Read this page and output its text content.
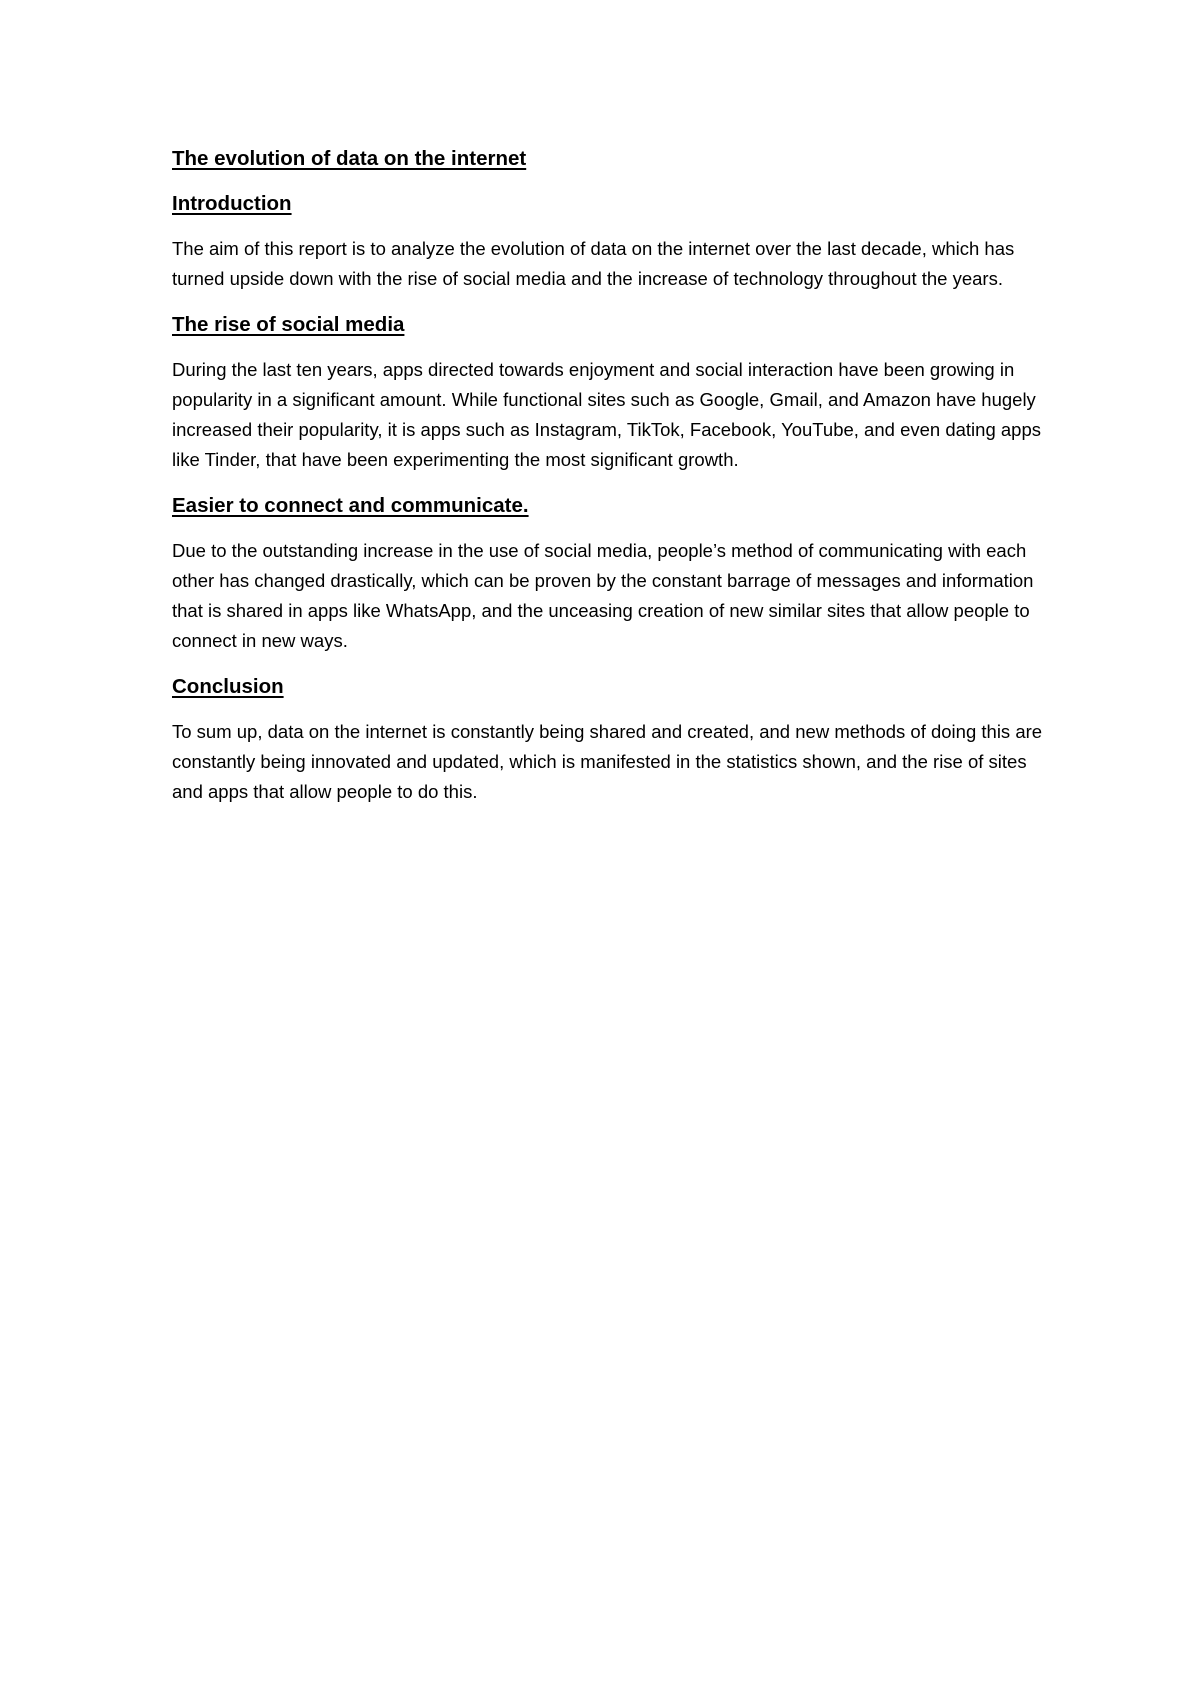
The evolution of data on the internet
Introduction

The aim of this report is to analyze the evolution of data on the internet over the last decade, which has turned upside down with the rise of social media and the increase of technology throughout the years.

The rise of social media

During the last ten years, apps directed towards enjoyment and social interaction have been growing in popularity in a significant amount. While functional sites such as Google, Gmail, and Amazon have hugely increased their popularity, it is apps such as Instagram, TikTok, Facebook, YouTube, and even dating apps like Tinder, that have been experimenting the most significant growth.

Easier to connect and communicate.

Due to the outstanding increase in the use of social media, people’s method of communicating with each other has changed drastically, which can be proven by the constant barrage of messages and information that is shared in apps like WhatsApp, and the unceasing creation of new similar sites that allow people to connect in new ways.

Conclusion

To sum up, data on the internet is constantly being shared and created, and new methods of doing this are constantly being innovated and updated, which is manifested in the statistics shown, and the rise of sites and apps that allow people to do this.
